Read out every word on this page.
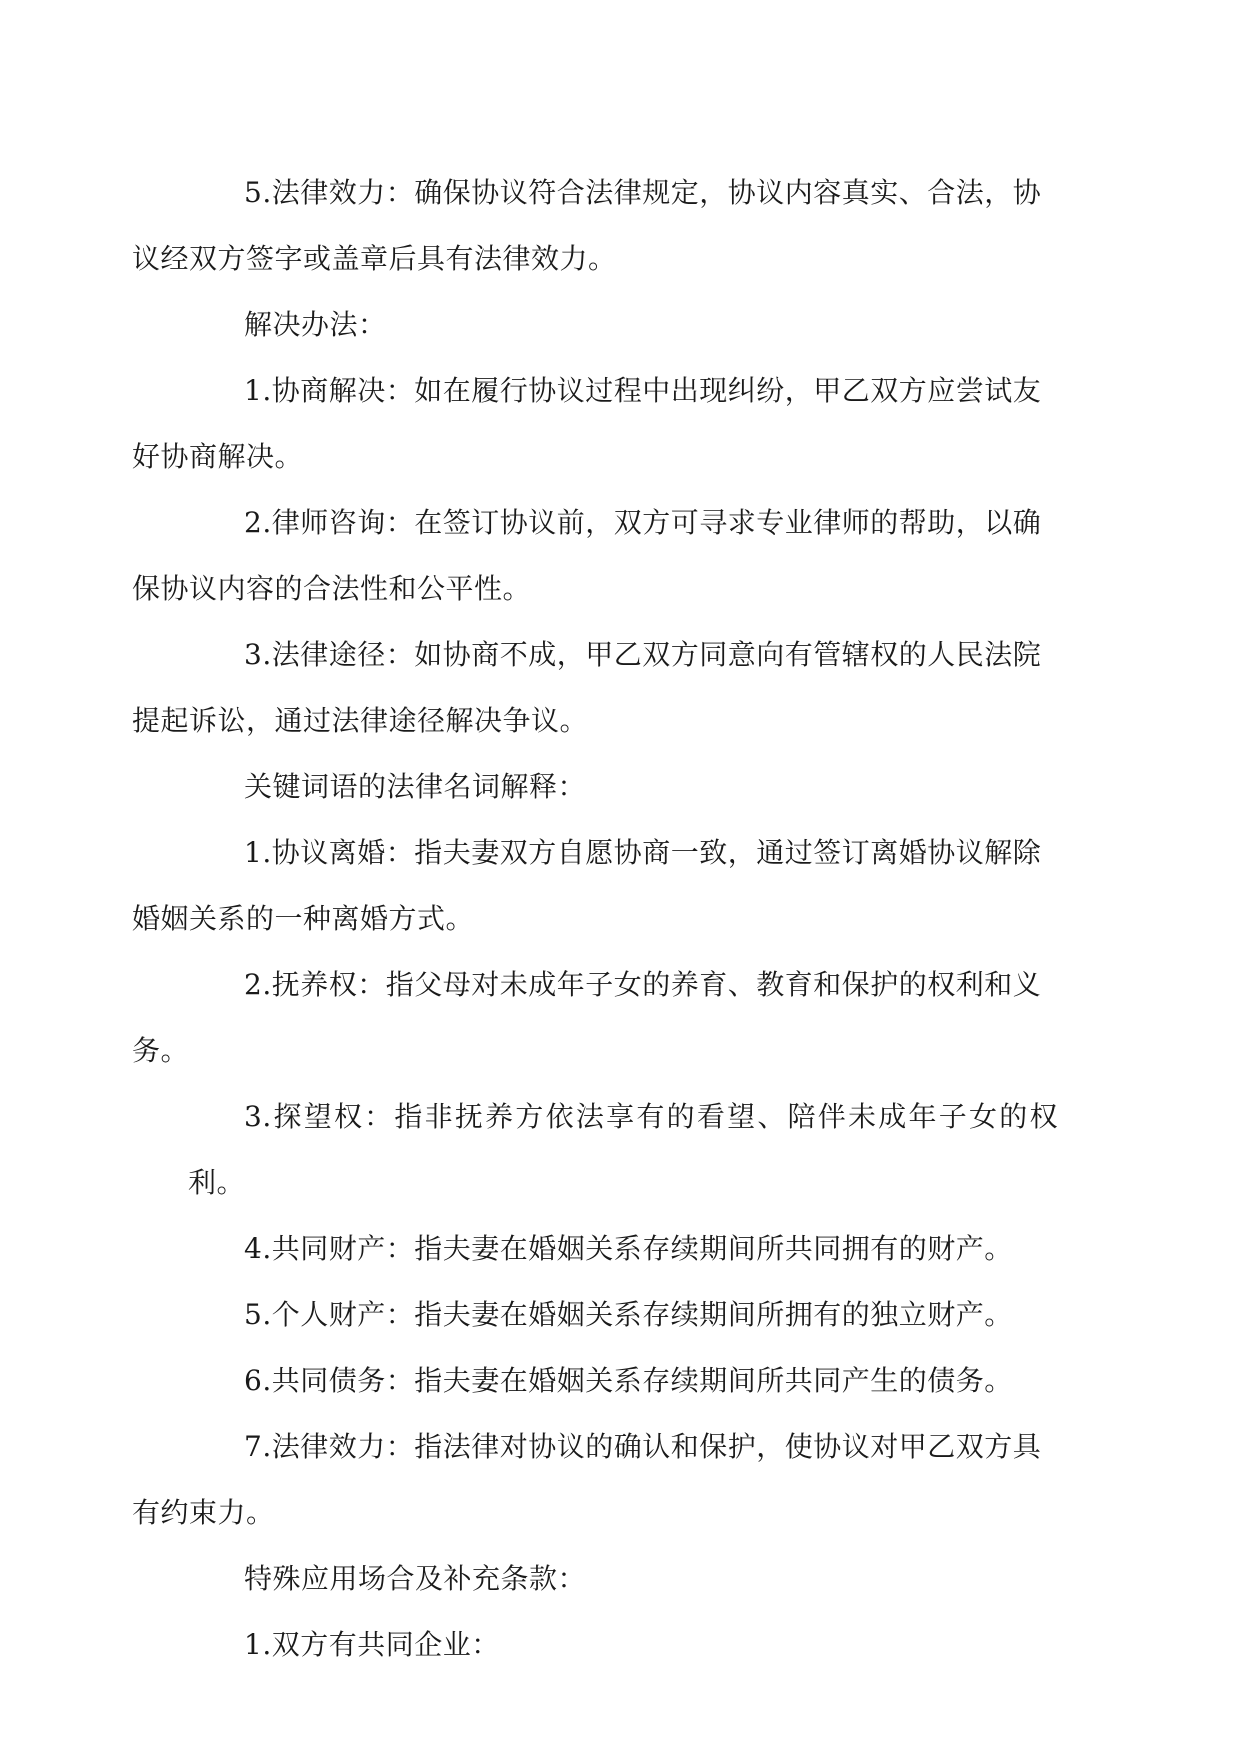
5.法律效力：确保协议符合法律规定，协议内容真实、合法，协
议经双方签字或盖章后具有法律效力。

解决办法：

1.协商解决：如在履行协议过程中出现纠纷，甲乙双方应尝试友
好协商解决。

2.律师咨询：在签订协议前，双方可寻求专业律师的帮助，以确
保协议内容的合法性和公平性。

3.法律途径：如协商不成，甲乙双方同意向有管辖权的人民法院
提起诉讼，通过法律途径解决争议。

关键词语的法律名词解释：

1.协议离婚：指夫妻双方自愿协商一致，通过签订离婚协议解除
婚姻关系的一种离婚方式。

2.抚养权：指父母对未成年子女的养育、教育和保护的权利和义
务。

3.探望权：指非抚养方依法享有的看望、陪伴未成年子女的权利。

4.共同财产：指夫妻在婚姻关系存续期间所共同拥有的财产。

5.个人财产：指夫妻在婚姻关系存续期间所拥有的独立财产。

6.共同债务：指夫妻在婚姻关系存续期间所共同产生的债务。

7.法律效力：指法律对协议的确认和保护，使协议对甲乙双方具
有约束力。

特殊应用场合及补充条款：

1.双方有共同企业：
